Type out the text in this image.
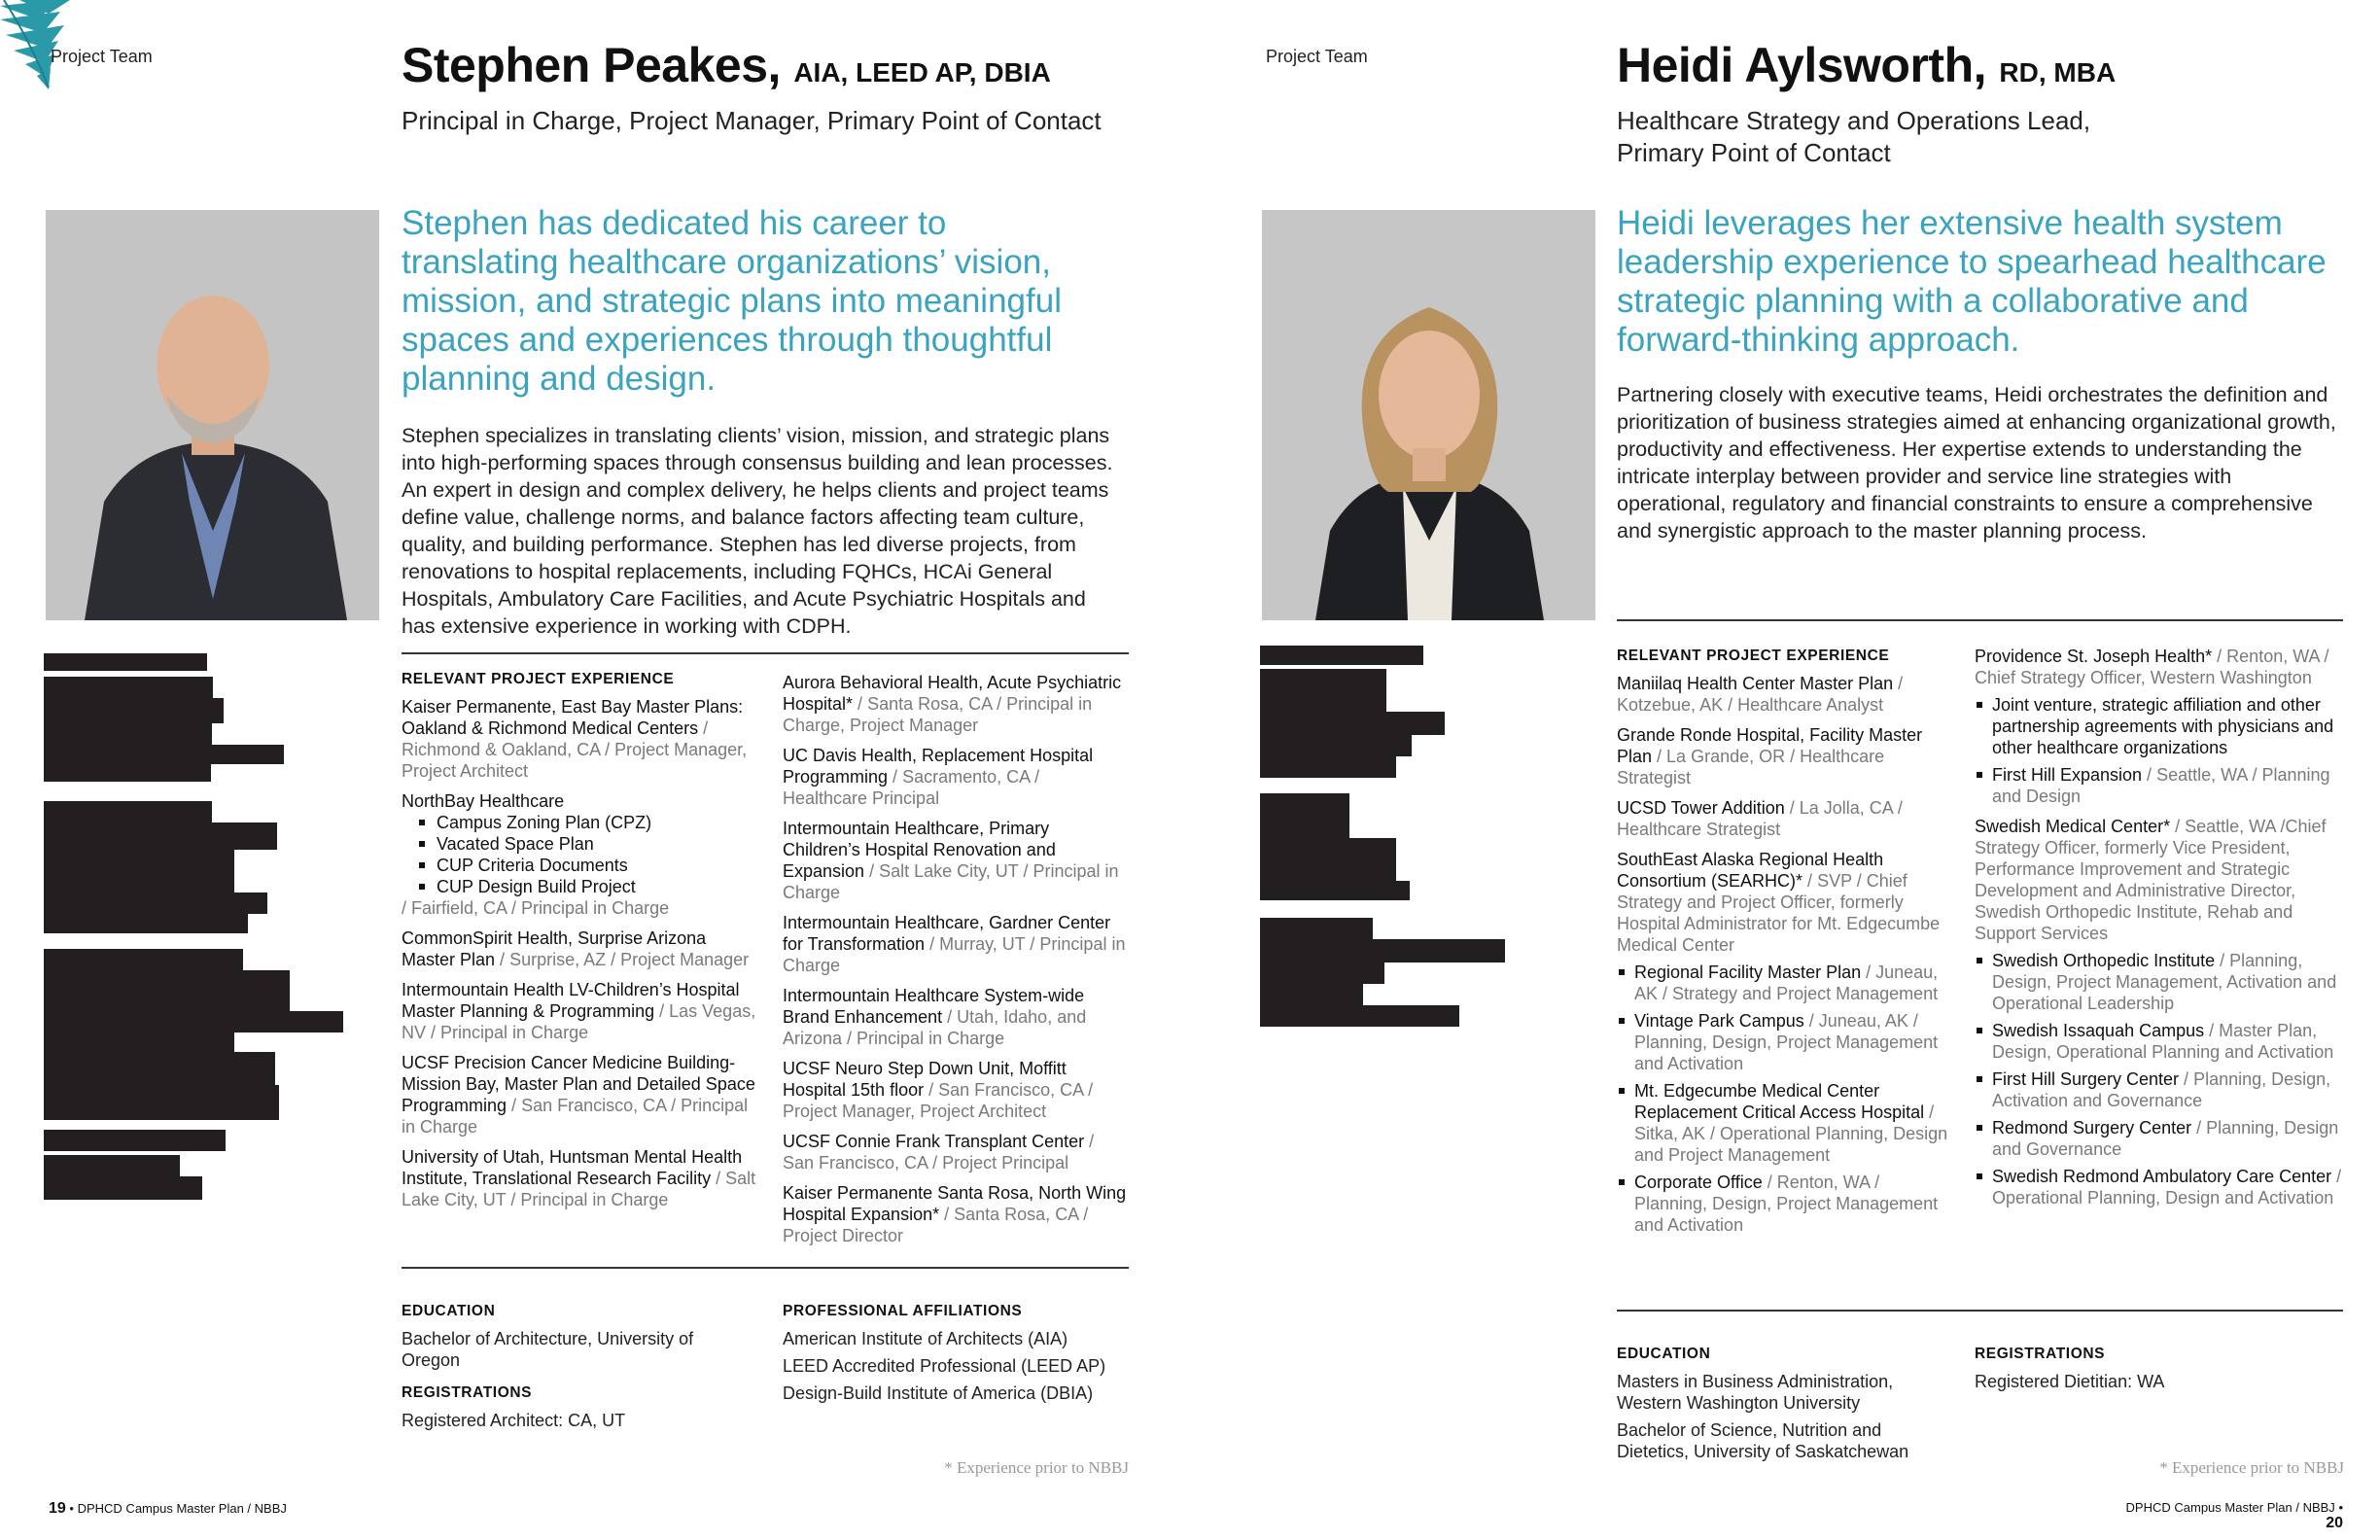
Project Team	Stephen Peakes, AIA, LEED AP, DBIA
Principal in Charge, Project Manager, Primary Point of Contact
Stephen has dedicated his career to translating healthcare organizations’ vision, mission, and strategic plans into meaningful spaces and experiences through thoughtful planning and design.
Stephen specializes in translating clients’ vision, mission, and strategic plans into high-performing spaces through consensus building and lean processes. An expert in design and complex delivery, he helps clients and project teams define value, challenge norms, and balance factors affecting team culture, quality, and building performance. Stephen has led diverse projects, from renovations to hospital replacements, including FQHCs, HCAi General Hospitals, Ambulatory Care Facilities, and Acute Psychiatric Hospitals and has extensive experience in working with CDPH.
RELEVANT PROJECT EXPERIENCE
Kaiser Permanente, East Bay Master Plans: Oakland & Richmond Medical Centers / Richmond & Oakland, CA / Project Manager, Project Architect
NorthBay Healthcare
Campus Zoning Plan (CPZ)
Vacated Space Plan
CUP Criteria Documents
CUP Design Build Project
/ Fairfield, CA / Principal in Charge
CommonSpirit Health, Surprise Arizona Master Plan / Surprise, AZ / Project Manager
Intermountain Health LV-Children’s Hospital Master Planning & Programming / Las Vegas, NV / Principal in Charge
UCSF Precision Cancer Medicine Building-Mission Bay, Master Plan and Detailed Space Programming / San Francisco, CA / Principal in Charge
University of Utah, Huntsman Mental Health Institute, Translational Research Facility / Salt Lake City, UT / Principal in Charge
Aurora Behavioral Health, Acute Psychiatric Hospital* / Santa Rosa, CA / Principal in Charge, Project Manager
UC Davis Health, Replacement Hospital Programming / Sacramento, CA / Healthcare Principal
Intermountain Healthcare, Primary Children’s Hospital Renovation and Expansion / Salt Lake City, UT / Principal in Charge
Intermountain Healthcare, Gardner Center for Transformation / Murray, UT / Principal in Charge
Intermountain Healthcare System-wide Brand Enhancement / Utah, Idaho, and Arizona / Principal in Charge
UCSF Neuro Step Down Unit, Moffitt Hospital 15th floor / San Francisco, CA / Project Manager, Project Architect
UCSF Connie Frank Transplant Center / San Francisco, CA / Project Principal
Kaiser Permanente Santa Rosa, North Wing Hospital Expansion* / Santa Rosa, CA / Project Director
EDUCATION
Bachelor of Architecture, University of Oregon
REGISTRATIONS
Registered Architect: CA, UT
PROFESSIONAL AFFILIATIONS
American Institute of Architects (AIA)
LEED Accredited Professional (LEED AP)
Design-Build Institute of America (DBIA)
* Experience prior to NBBJ
19 • DPHCD Campus Master Plan / NBBJ
Project Team	Heidi Aylsworth, RD, MBA
Healthcare Strategy and Operations Lead, Primary Point of Contact
Heidi leverages her extensive health system leadership experience to spearhead healthcare strategic planning with a collaborative and forward-thinking approach.
Partnering closely with executive teams, Heidi orchestrates the definition and prioritization of business strategies aimed at enhancing organizational growth, productivity and effectiveness. Her expertise extends to understanding the intricate interplay between provider and service line strategies with operational, regulatory and financial constraints to ensure a comprehensive and synergistic approach to the master planning process.
RELEVANT PROJECT EXPERIENCE
Maniilaq Health Center Master Plan / Kotzebue, AK / Healthcare Analyst
Grande Ronde Hospital, Facility Master Plan / La Grande, OR / Healthcare Strategist
UCSD Tower Addition / La Jolla, CA / Healthcare Strategist
SouthEast Alaska Regional Health Consortium (SEARHC)* / SVP / Chief Strategy and Project Officer, formerly Hospital Administrator for Mt. Edgecumbe Medical Center
Regional Facility Master Plan / Juneau, AK / Strategy and Project Management
Vintage Park Campus / Juneau, AK / Planning, Design, Project Management and Activation
Mt. Edgecumbe Medical Center Replacement Critical Access Hospital / Sitka, AK / Operational Planning, Design and Project Management
Corporate Office / Renton, WA / Planning, Design, Project Management and Activation
Providence St. Joseph Health* / Renton, WA / Chief Strategy Officer, Western Washington
Joint venture, strategic affiliation and other partnership agreements with physicians and other healthcare organizations
First Hill Expansion / Seattle, WA / Planning and Design
Swedish Medical Center* / Seattle, WA /Chief Strategy Officer, formerly Vice President, Performance Improvement and Strategic Development and Administrative Director, Swedish Orthopedic Institute, Rehab and Support Services
Swedish Orthopedic Institute / Planning, Design, Project Management, Activation and Operational Leadership
Swedish Issaquah Campus / Master Plan, Design, Operational Planning and Activation
First Hill Surgery Center / Planning, Design, Activation and Governance
Redmond Surgery Center / Planning, Design and Governance
Swedish Redmond Ambulatory Care Center / Operational Planning, Design and Activation
EDUCATION
Masters in Business Administration, Western Washington University
Bachelor of Science, Nutrition and Dietetics, University of Saskatchewan
REGISTRATIONS
Registered Dietitian: WA
* Experience prior to NBBJ
DPHCD Campus Master Plan / NBBJ • 20
